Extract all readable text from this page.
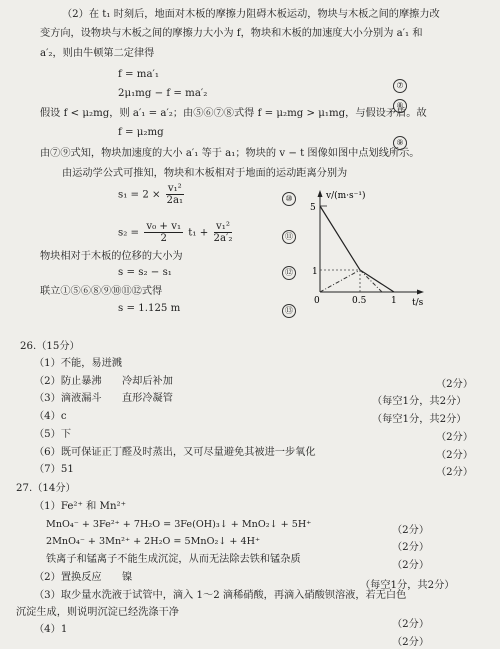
（2）在 t₁ 时刻后，地面对木板的摩擦力阻碍木板运动，物块与木板之间的摩擦力改
变方向，设物块与木板之间的摩擦力大小为 f，物块和木板的加速度大小分别为 a′₁ 和
a′₂，则由牛顿第二定律得
f = ma′₁
⑦
2μ₁mg − f = ma′₂
⑧
假设 f < μ₂mg，则 a′₁ = a′₂；由⑤⑥⑦⑧式得 f = μ₂mg > μ₁mg，与假设矛盾。故
f = μ₂mg
⑨
由⑦⑨式知，物块加速度的大小 a′₁ 等于 a₁；物块的 v − t 图像如图中点划线所示。
由运动学公式可推知，物块和木板相对于地面的运动距离分别为
$s_1 = 2 \times \frac{\text{v₁²}}{\text{2a₁}}$	⑩
$s_2 = \frac{\text{v₀ + v₁}}{2} t_1 + \frac{\text{v₁²}}{\text{2a′₂}}$	⑪
物块相对于木板的位移的大小为
s = s₂ − s₁	⑫
联立①⑤⑥⑧⑨⑩⑪⑫式得
s = 1.125 m	⑬
v/(m·s⁻¹)
5
1
0	0.5	1 t/s
26.（15分）
（1）不能，易迸溅
（2）防止暴沸　　冷却后补加	（2分）
（3）滴液漏斗　　直形冷凝管	（每空1分，共2分）
（4）c	（每空1分，共2分）
（5）下	（2分）
（6）既可保证正丁醛及时蒸出，又可尽量避免其被进一步氧化	（2分）
（7）51	（2分）
27.（14分）
（1）Fe²⁺ 和 Mn²⁺
MnO₄⁻ + 3Fe²⁺ + 7H₂O = 3Fe(OH)₃↓ + MnO₂↓ + 5H⁺
（2分）
2MnO₄⁻ + 3Mn²⁺ + 2H₂O = 5MnO₂↓ + 4H⁺
（2分）
铁离子和锰离子不能生成沉淀，从而无法除去铁和锰杂质
（2分）
（2）置换反应　　镍
（每空1分，共2分）
（3）取少量水洗液于试管中，滴入 1～2 滴稀硝酸，再滴入硝酸钡溶液，若无白色
沉淀生成，则说明沉淀已经洗涤干净
（2分）
（4）1
（2分）
